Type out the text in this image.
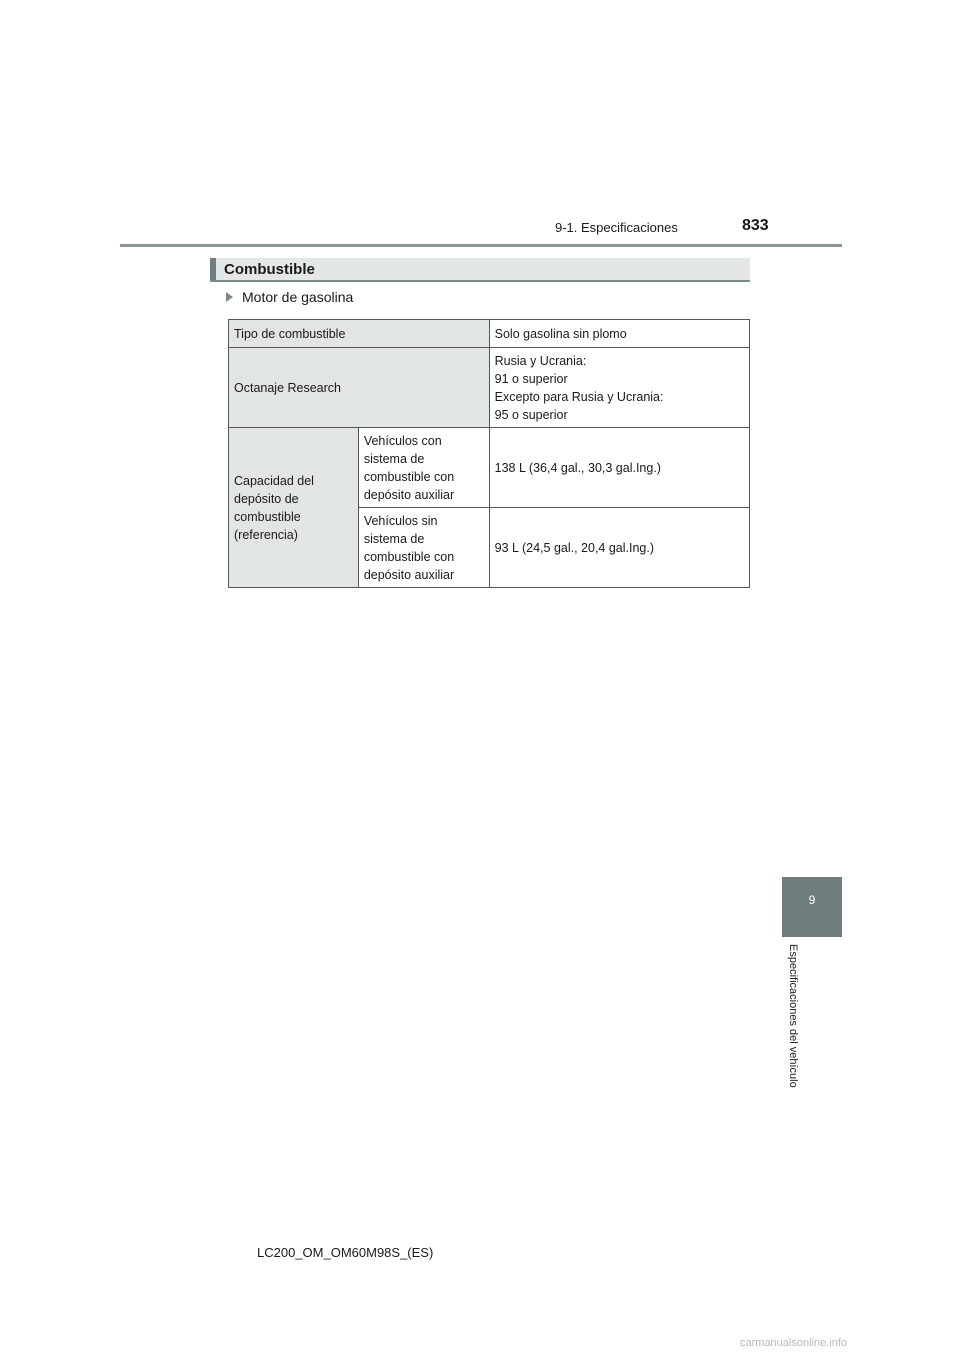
9-1. Especificaciones	833
9
Especificaciones del vehículo
Combustible
Motor de gasolina
Tipo de combustible		Solo gasolina sin plomo
Octanaje Research		Rusia y Ucrania:
91 o superior
Excepto para Rusia y Ucrania:
95 o superior

Capacidad del depósito de combustible (referencia)	Vehículos con sistema de combustible con depósito auxiliar	138 L (36,4 gal., 30,3 gal.Ing.)
	Vehículos sin sistema de combustible con depósito auxiliar	93 L (24,5 gal., 20,4 gal.Ing.)
LC200_OM_OM60M98S_(ES)
carmanualsonline.info
